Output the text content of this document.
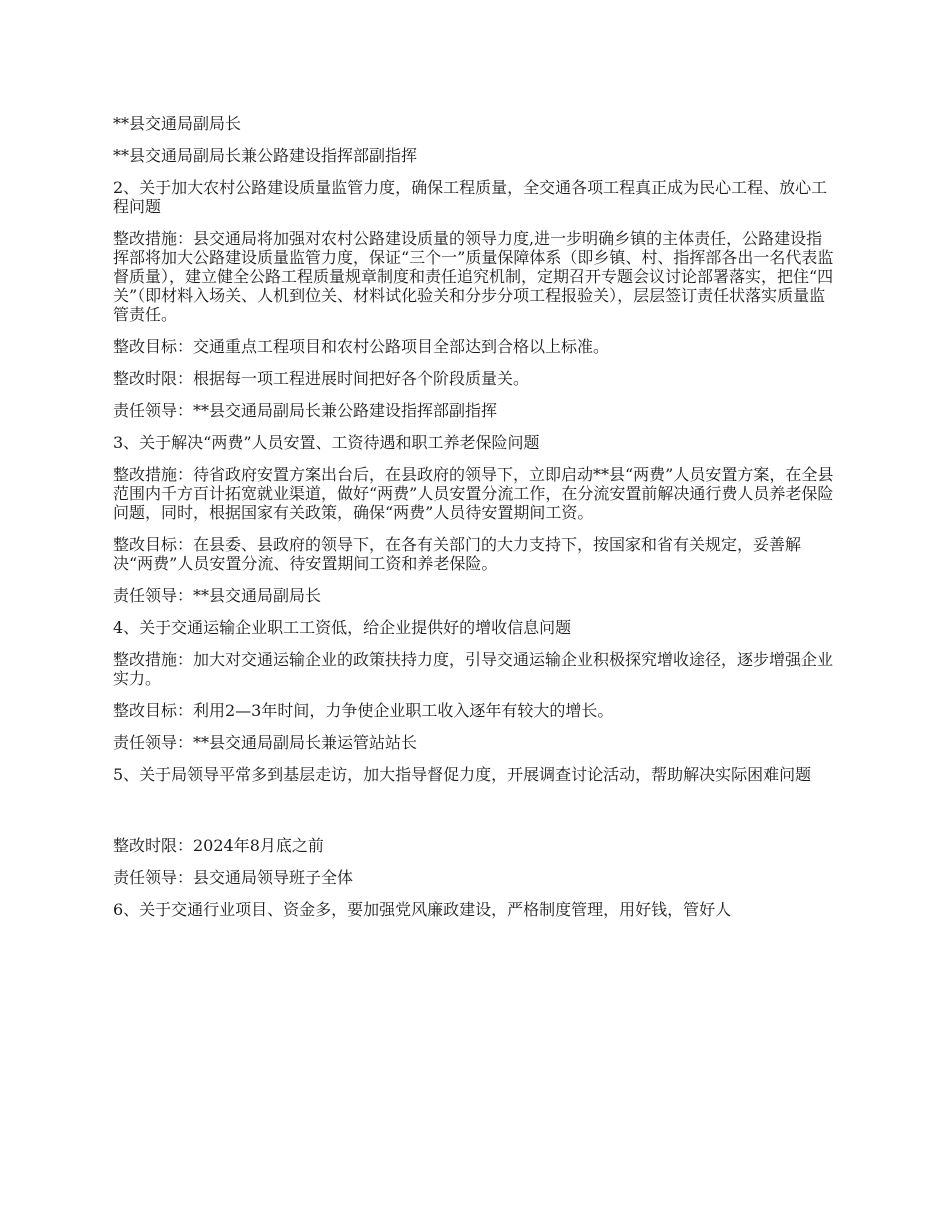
**县交通局副局长

**县交通局副局长兼公路建设指挥部副指挥

2、关于加大农村公路建设质量监管力度，确保工程质量，全交通各项工程真正成为民心工程、放心工程问题

整改措施：县交通局将加强对农村公路建设质量的领导力度,进一步明确乡镇的主体责任，公路建设指挥部将加大公路建设质量监管力度，保证“三个一”质量保障体系（即乡镇、村、指挥部各出一名代表监督质量），建立健全公路工程质量规章制度和责任追究机制，定期召开专题会议讨论部署落实，把住“四关”（即材料入场关、人机到位关、材料试化验关和分步分项工程报验关），层层签订责任状落实质量监管责任。

整改目标：交通重点工程项目和农村公路项目全部达到合格以上标准。

整改时限：根据每一项工程进展时间把好各个阶段质量关。

责任领导：**县交通局副局长兼公路建设指挥部副指挥

3、关于解决“两费”人员安置、工资待遇和职工养老保险问题

整改措施：待省政府安置方案出台后，在县政府的领导下，立即启动**县“两费”人员安置方案，在全县范围内千方百计拓宽就业渠道，做好“两费”人员安置分流工作，在分流安置前解决通行费人员养老保险问题，同时，根据国家有关政策，确保“两费”人员待安置期间工资。

整改目标：在县委、县政府的领导下，在各有关部门的大力支持下，按国家和省有关规定，妥善解决“两费”人员安置分流、待安置期间工资和养老保险。

责任领导：**县交通局副局长

4、关于交通运输企业职工工资低，给企业提供好的增收信息问题

整改措施：加大对交通运输企业的政策扶持力度，引导交通运输企业积极探究增收途径，逐步增强企业实力。

整改目标：利用2—3年时间，力争使企业职工收入逐年有较大的增长。

责任领导：**县交通局副局长兼运管站站长

5、关于局领导平常多到基层走访，加大指导督促力度，开展调查讨论活动，帮助解决实际困难问题

整改时限：2024年8月底之前

责任领导：县交通局领导班子全体

6、关于交通行业项目、资金多，要加强党风廉政建设，严格制度管理，用好钱，管好人
